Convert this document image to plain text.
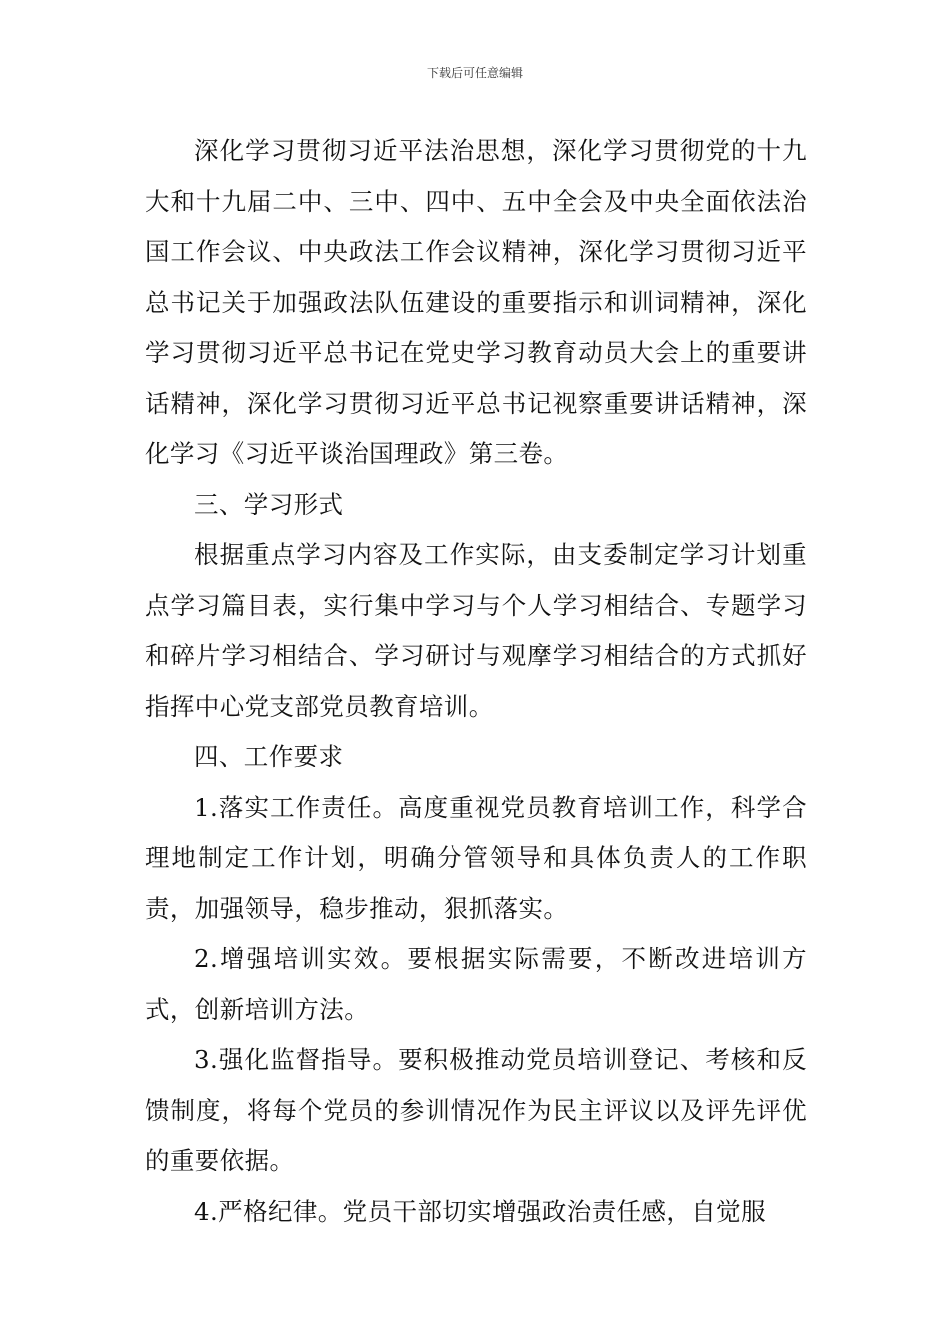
下载后可任意编辑

深化学习贯彻习近平法治思想，深化学习贯彻党的十九大和十九届二中、三中、四中、五中全会及中央全面依法治国工作会议、中央政法工作会议精神，深化学习贯彻习近平总书记关于加强政法队伍建设的重要指示和训词精神，深化学习贯彻习近平总书记在党史学习教育动员大会上的重要讲话精神，深化学习贯彻习近平总书记视察重要讲话精神，深化学习《习近平谈治国理政》第三卷。

三、学习形式

根据重点学习内容及工作实际，由支委制定学习计划重点学习篇目表，实行集中学习与个人学习相结合、专题学习和碎片学习相结合、学习研讨与观摩学习相结合的方式抓好指挥中心党支部党员教育培训。

四、工作要求

1.落实工作责任。高度重视党员教育培训工作，科学合理地制定工作计划，明确分管领导和具体负责人的工作职责，加强领导，稳步推动，狠抓落实。

2.增强培训实效。要根据实际需要，不断改进培训方式，创新培训方法。

3.强化监督指导。要积极推动党员培训登记、考核和反馈制度，将每个党员的参训情况作为民主评议以及评先评优的重要依据。

4.严格纪律。党员干部切实增强政治责任感，自觉服
